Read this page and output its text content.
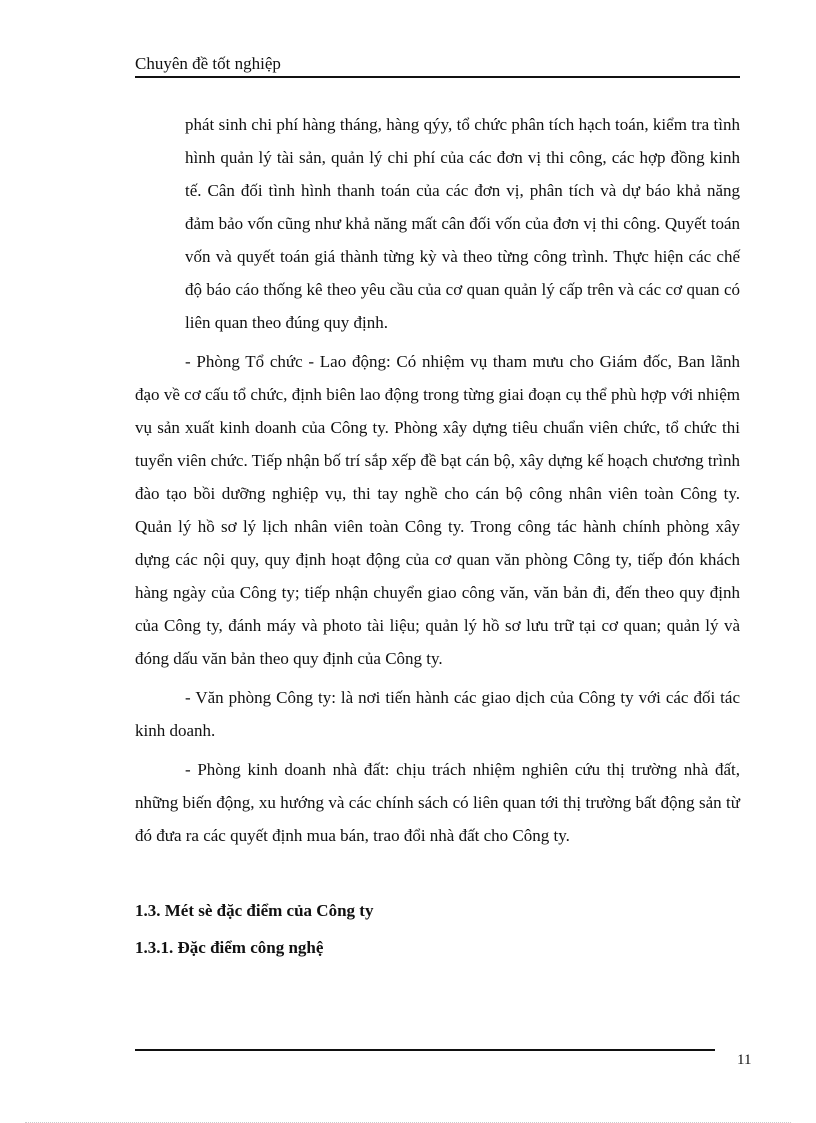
Chuyên đề tốt nghiệp

phát sinh chi phí hàng tháng, hàng qýy, tổ chức phân tích hạch toán, kiểm tra tình hình quản lý tài sản, quản lý chi phí của các đơn vị thi công, các hợp đồng kinh tế. Cân đối tình hình thanh toán của các đơn vị, phân tích và dự báo khả năng đảm bảo vốn cũng như khả năng mất cân đối vốn của đơn vị thi công. Quyết toán vốn và quyết toán giá thành từng kỳ và theo từng công trình. Thực hiện các chế độ báo cáo thống kê theo yêu cầu của cơ quan quản lý cấp trên và các cơ quan có liên quan theo đúng quy định.

- Phòng Tổ chức - Lao động: Có nhiệm vụ tham mưu cho Giám đốc, Ban lãnh đạo về cơ cấu tổ chức, định biên lao động trong từng giai đoạn cụ thể phù hợp với nhiệm vụ sản xuất kinh doanh của Công ty. Phòng xây dựng tiêu chuẩn viên chức, tổ chức thi tuyển viên chức. Tiếp nhận bố trí sắp xếp đề bạt cán bộ, xây dựng kế hoạch chương trình đào tạo bồi dưỡng nghiệp vụ, thi tay nghề cho cán bộ công nhân viên toàn Công ty. Quản lý hồ sơ lý lịch nhân viên toàn Công ty. Trong công tác hành chính phòng xây dựng các nội quy, quy định hoạt động của cơ quan văn phòng Công ty, tiếp đón khách hàng ngày của Công ty; tiếp nhận chuyển giao công văn, văn bản đi, đến theo quy định của Công ty, đánh máy và photo tài liệu; quản lý hồ sơ lưu trữ tại cơ quan; quản lý và đóng dấu văn bản theo quy định của Công ty.

- Văn phòng Công ty: là nơi tiến hành các giao dịch của Công ty với các đối tác kinh doanh.

- Phòng kinh doanh nhà đất: chịu trách nhiệm nghiên cứu thị trường nhà đất, những biến động, xu hướng và các chính sách có liên quan tới thị trường bất động sản từ đó đưa ra các quyết định mua bán, trao đổi nhà đất cho Công ty.

1.3. Mét sè đặc điểm của Công ty
1.3.1. Đặc điểm công nghệ
11
